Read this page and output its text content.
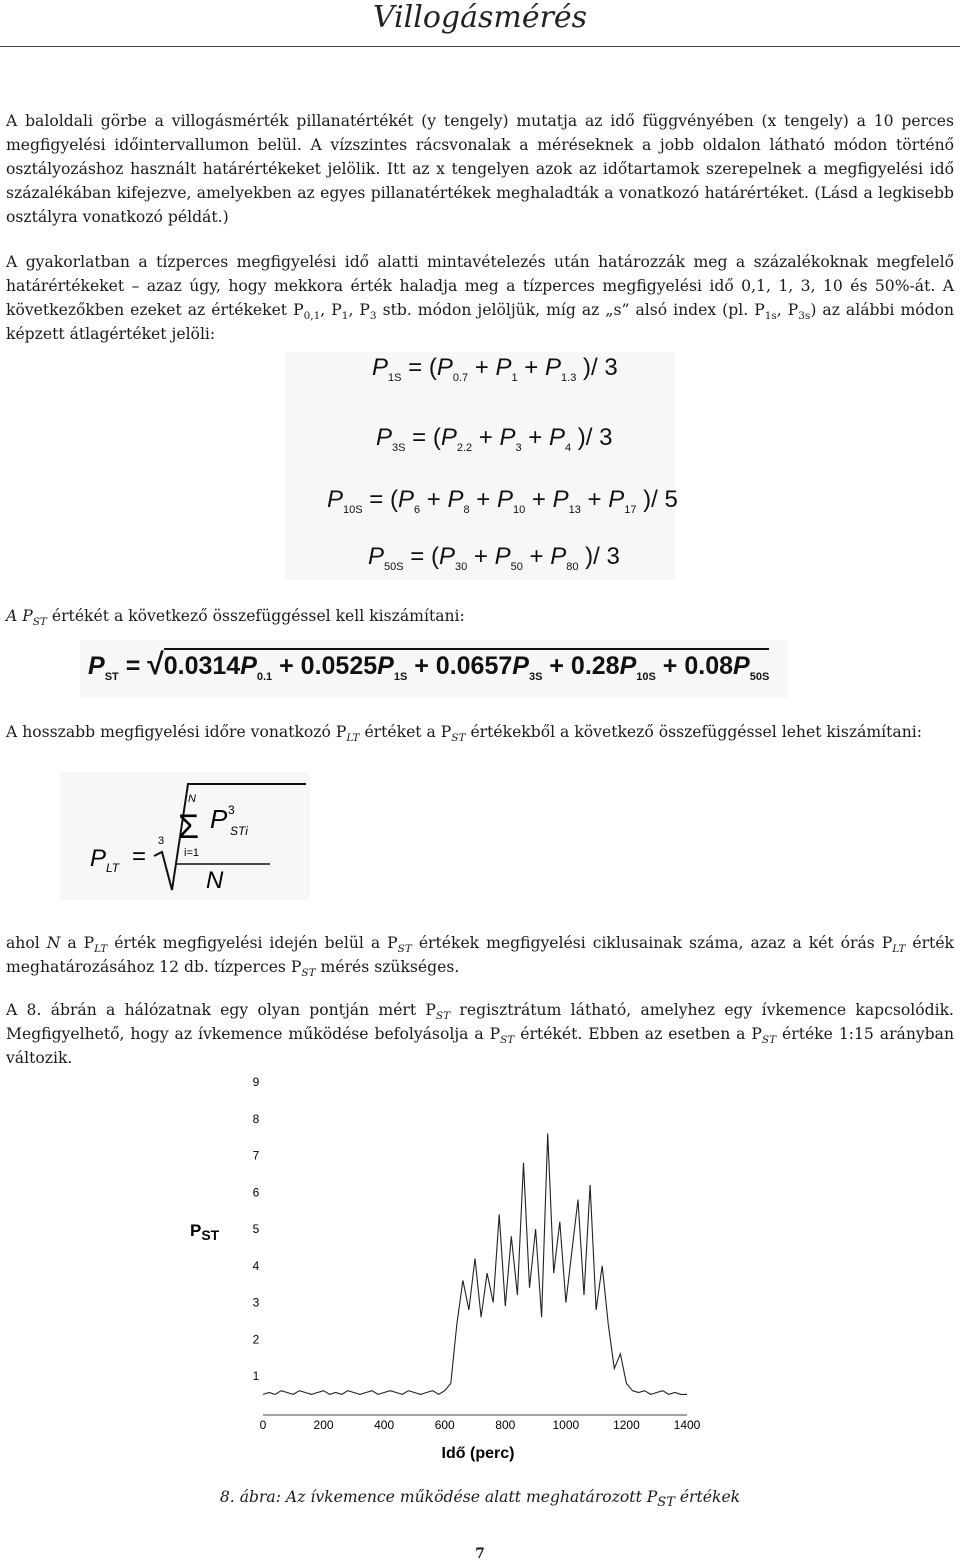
Villogásmérés

A baloldali görbe a villogásmérték pillanatértékét (y tengely) mutatja az idő függvényében (x tengely) a 10 perces megfigyelési időintervallumon belül. A vízszintes rácsvonalak a méréseknek a jobb oldalon látható módon történő osztályozáshoz használt határértékeket jelölik. Itt az x tengelyen azok az időtartamok szerepelnek a megfigyelési idő százalékában kifejezve, amelyekben az egyes pillanatértékek meghaladták a vonatkozó határértéket. (Lásd a legkisebb osztályra vonatkozó példát.)

A gyakorlatban a tízperces megfigyelési idő alatti mintavételezés után határozzák meg a százalékoknak megfelelő határértékeket – azaz úgy, hogy mekkora érték haladja meg a tízperces megfigyelési idő 0,1, 1, 3, 10 és 50%-át. A következőkben ezeket az értékeket $P_{0,1}$, $P_1$, $P_3$ stb. módon jelöljük, míg az „s” alsó index (pl. $P_{1s}$, $P_{3s}$) az alábbi módon képzett átlagértéket jelöli:

$P_{1S} = (P_{0.7} + P_1 + P_{1.3}$ )/ 3
$P_{3S} = (P_{2.2} + P_3 + P_4$ )/ 3
$P_{10S} = (P_6 + P_8 + P_{10} + P_{13} + P_{17}$ )/ 5
$P_{50S} = (P_{30} + P_{50} + P_{80}$ )/ 3

A $P_{ST}$ értékét a következő összefüggéssel kell kiszámítani:

$P_{ST} = √0.0314P_{0.1} + 0.0525P_{1S} + 0.0657P_{3S} + 0.28P_{10S} + 0.08P_{50S}$

A hosszabb megfigyelési időre vonatkozó $P_{LT}$ értéket a $P_{ST}$ értékekből a következő összefüggéssel lehet kiszámítani:

P LT =
3
N
Σ
i=1
P 3
STi
N

ahol N a $P_{LT}$ érték megfigyelési idején belül a $P_{ST}$ értékek megfigyelési ciklusainak száma, azaz a két órás $P_{LT}$ érték meghatározásához 12 db. tízperces $P_{ST}$ mérés szükséges.

A 8. ábrán a hálózatnak egy olyan pontján mért $P_{ST}$ regisztrátum látható, amelyhez egy ívkemence kapcsolódik. Megfigyelhető, hogy az ívkemence működése befolyásolja a $P_{ST}$ értékét. Ebben az esetben a $P_{ST}$ értéke 1:15 arányban változik.

$P_{ST}$
Idő (perc)
1
2
3
4
5
6
7
8
9
0	200	400	600	800	1000	1200	1400
8. ábra: Az ívkemence működése alatt meghatározott $P_{ST}$ értékek
7
